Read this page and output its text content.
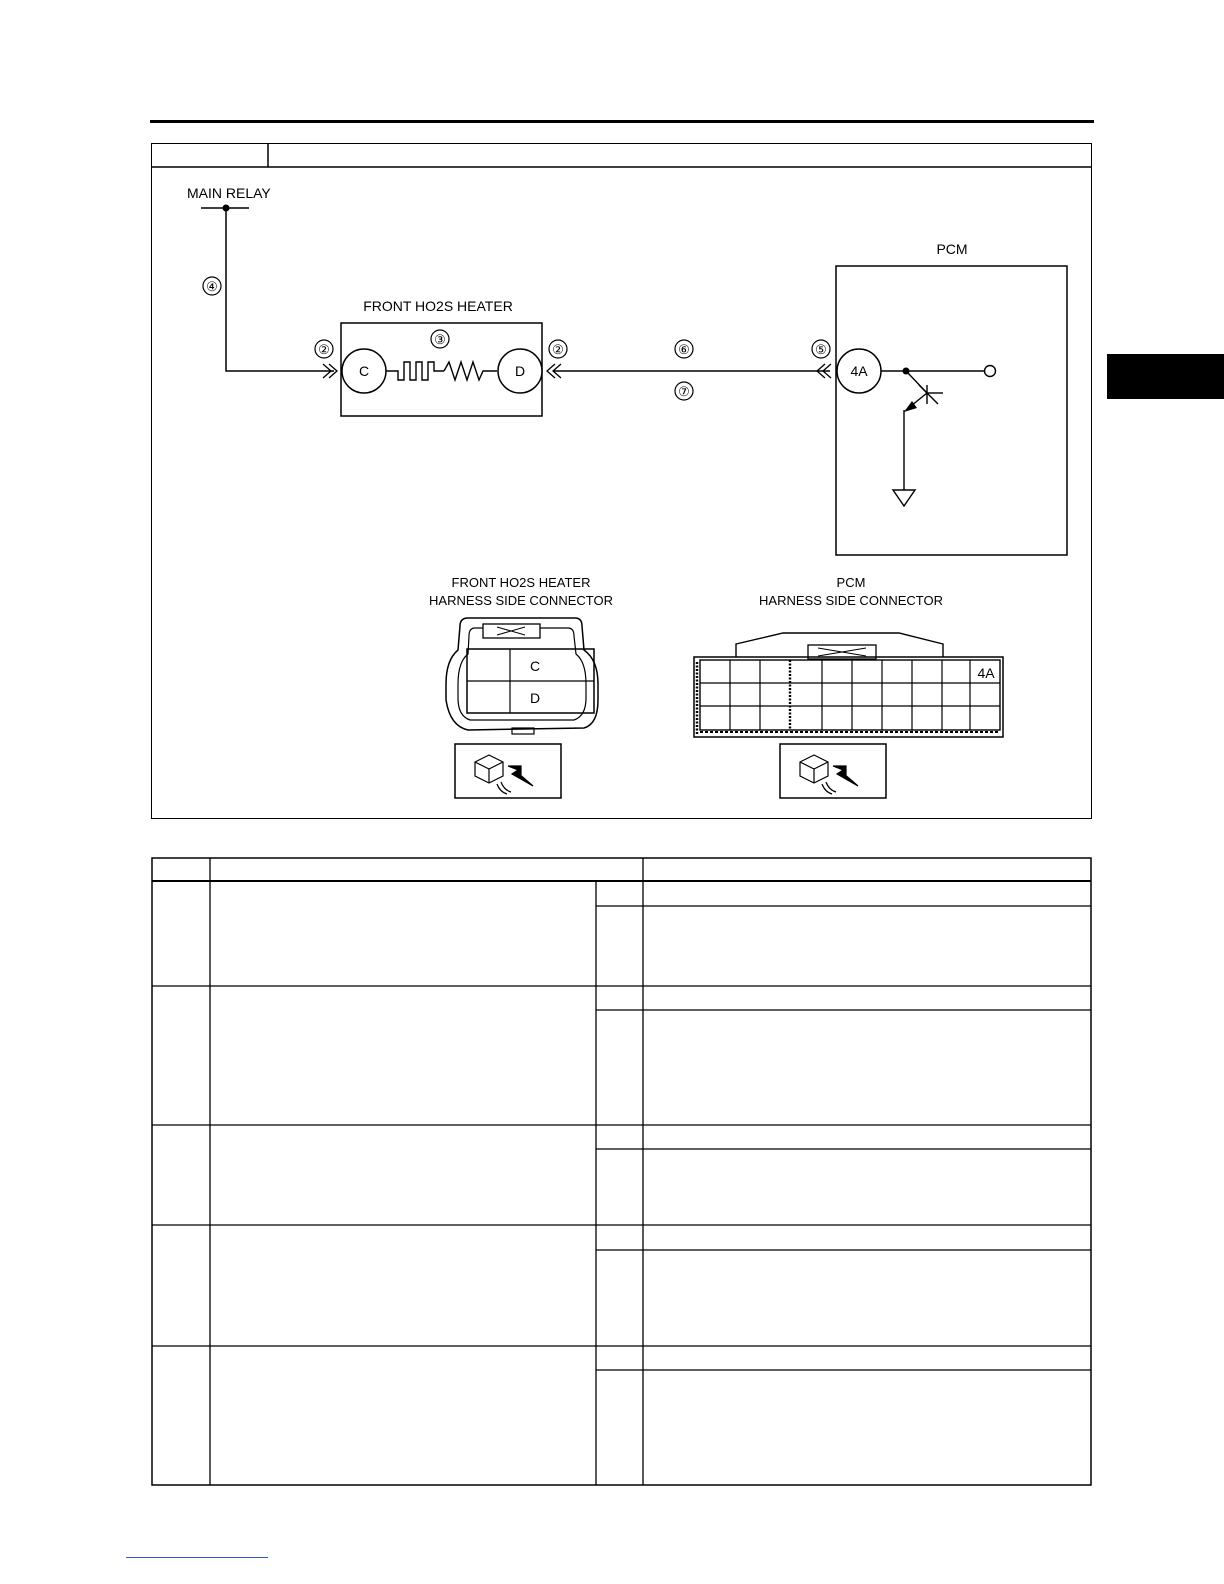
MAIN RELAY
④
FRONT HO2S HEATER
②
C
③
D
②	⑥
⑦
⑤
PCM
4A
FRONT HO2S HEATER
HARNESS SIDE CONNECTOR
C
D
PCM
HARNESS SIDE CONNECTOR
4A
